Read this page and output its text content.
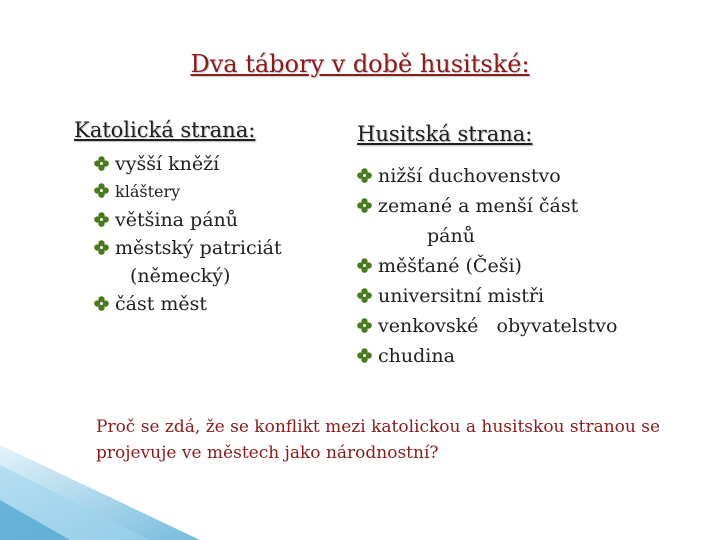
Dva tábory v době husitské:
Katolická strana:
vyšší kněží
kláštery
většina pánů
městský patriciát
(německý)
část měst
Husitská strana:
nižší duchovenstvo
zemané a menší část
pánů
měšťané (Češi)
universitní mistři
venkovské   obyvatelstvo
chudina
Proč se zdá, že se konflikt mezi katolickou a husitskou stranou se projevuje ve městech jako národnostní?
